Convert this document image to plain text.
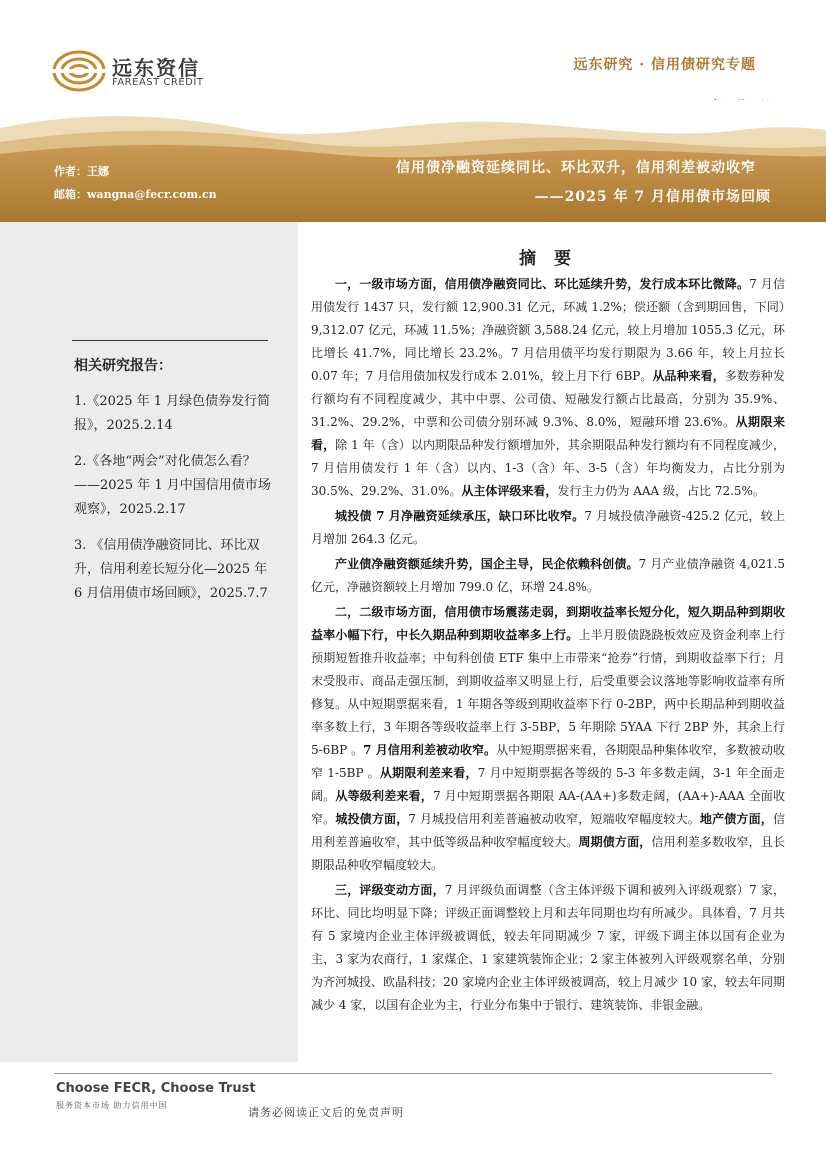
远东资信
FAREAST CREDIT
远东研究 · 信用债研究专题
作者：王娜
邮箱：wangna@fecr.com.cn
信用债净融资延续同比、环比双升，信用利差被动收窄
——2025 年 7 月信用债市场回顾
相关研究报告：
1.《2025 年 1 月绿色债券发行简报》，2025.2.14
2.《各地“两会”对化债怎么看？——2025 年 1 月中国信用债市场观察》，2025.2.17
3. 《信用债净融资同比、环比双升，信用利差长短分化—2025 年 6 月信用债市场回顾》，2025.7.7
摘 要

一，一级市场方面，信用债净融资同比、环比延续升势，发行成本环比微降。7 月信用债发行 1437 只，发行额 12,900.31 亿元，环减 1.2%；偿还额（含到期回售，下同）9,312.07 亿元，环减 11.5%；净融资额 3,588.24 亿元，较上月增加 1055.3 亿元，环比增长 41.7%，同比增长 23.2%。7 月信用债平均发行期限为 3.66 年，较上月拉长 0.07 年；7 月信用债加权发行成本 2.01%，较上月下行 6BP。从品种来看，多数券种发行额均有不同程度减少，其中中票、公司债、短融发行额占比最高，分别为 35.9%、31.2%、29.2%，中票和公司债分别环减 9.3%、8.0%，短融环增 23.6%。从期限来看，除 1 年（含）以内期限品种发行额增加外，其余期限品种发行额均有不同程度减少，7 月信用债发行 1 年（含）以内、1-3（含）年、3-5（含）年均衡发力，占比分别为 30.5%、29.2%、31.0%。从主体评级来看，发行主力仍为 AAA 级，占比 72.5%。

城投债 7 月净融资延续承压，缺口环比收窄。7 月城投债净融资-425.2 亿元，较上月增加 264.3 亿元。

产业债净融资额延续升势，国企主导，民企依赖科创债。7 月产业债净融资 4,021.5 亿元，净融资额较上月增加 799.0 亿，环增 24.8%。

二，二级市场方面，信用债市场震荡走弱，到期收益率长短分化，短久期品种到期收益率小幅下行，中长久期品种到期收益率多上行。上半月股债跷跷板效应及资金利率上行预期短暂推升收益率；中旬科创债 ETF 集中上市带来“抢券”行情，到期收益率下行；月末受股市、商品走强压制，到期收益率又明显上行，后受重要会议落地等影响收益率有所修复。从中短期票据来看，1 年期各等级到期收益率下行 0-2BP，两中长期品种到期收益率多数上行，3 年期各等级收益率上行 3-5BP，5 年期除 5YAA 下行 2BP 外，其余上行 5-6BP 。7 月信用利差被动收窄。从中短期票据来看，各期限品种集体收窄，多数被动收窄 1-5BP 。从期限利差来看，7 月中短期票据各等级的 5-3 年多数走阔，3-1 年全面走阔。从等级利差来看，7 月中短期票据各期限 AA-(AA+)多数走阔，(AA+)-AAA 全面收窄。城投债方面，7 月城投信用利差普遍被动收窄，短端收窄幅度较大。地产债方面，信用利差普遍收窄，其中低等级品种收窄幅度较大。周期债方面，信用利差多数收窄，且长期限品种收窄幅度较大。

三，评级变动方面，7 月评级负面调整（含主体评级下调和被列入评级观察）7 家，环比、同比均明显下降；评级正面调整较上月和去年同期也均有所减少。具体看，7 月共有 5 家境内企业主体评级被调低，较去年同期减少 7 家，评级下调主体以国有企业为主，3 家为农商行，1 家煤企、1 家建筑装饰企业；2 家主体被列入评级观察名单，分别为齐河城投、欧晶科技；20 家境内企业主体评级被调高，较上月减少 10 家，较去年同期减少 4 家，以国有企业为主，行业分布集中于银行、建筑装饰、非银金融。

Choose FECR, Choose Trust
服务资本市场 助力信用中国
请务必阅读正文后的免责声明
